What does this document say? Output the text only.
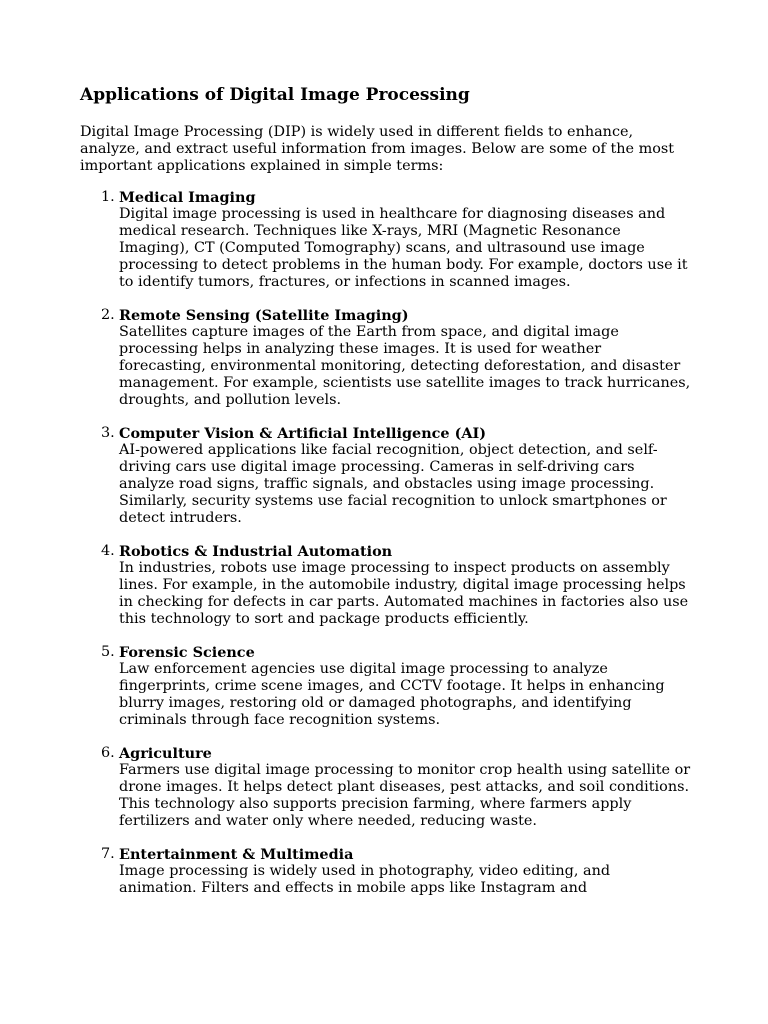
Applications of Digital Image Processing

Digital Image Processing (DIP) is widely used in different fields to enhance, analyze, and extract useful information from images. Below are some of the most important applications explained in simple terms:

1. Medical Imaging
Digital image processing is used in healthcare for diagnosing diseases and medical research. Techniques like X-rays, MRI (Magnetic Resonance Imaging), CT (Computed Tomography) scans, and ultrasound use image processing to detect problems in the human body. For example, doctors use it to identify tumors, fractures, or infections in scanned images.
2. Remote Sensing (Satellite Imaging)
Satellites capture images of the Earth from space, and digital image processing helps in analyzing these images. It is used for weather forecasting, environmental monitoring, detecting deforestation, and disaster management. For example, scientists use satellite images to track hurricanes, droughts, and pollution levels.
3. Computer Vision & Artificial Intelligence (AI)
AI-powered applications like facial recognition, object detection, and self-driving cars use digital image processing. Cameras in self-driving cars analyze road signs, traffic signals, and obstacles using image processing. Similarly, security systems use facial recognition to unlock smartphones or detect intruders.
4. Robotics & Industrial Automation
In industries, robots use image processing to inspect products on assembly lines. For example, in the automobile industry, digital image processing helps in checking for defects in car parts. Automated machines in factories also use this technology to sort and package products efficiently.
5. Forensic Science
Law enforcement agencies use digital image processing to analyze fingerprints, crime scene images, and CCTV footage. It helps in enhancing blurry images, restoring old or damaged photographs, and identifying criminals through face recognition systems.
6. Agriculture
Farmers use digital image processing to monitor crop health using satellite or drone images. It helps detect plant diseases, pest attacks, and soil conditions. This technology also supports precision farming, where farmers apply fertilizers and water only where needed, reducing waste.
7. Entertainment & Multimedia
Image processing is widely used in photography, video editing, and animation. Filters and effects in mobile apps like Instagram and
